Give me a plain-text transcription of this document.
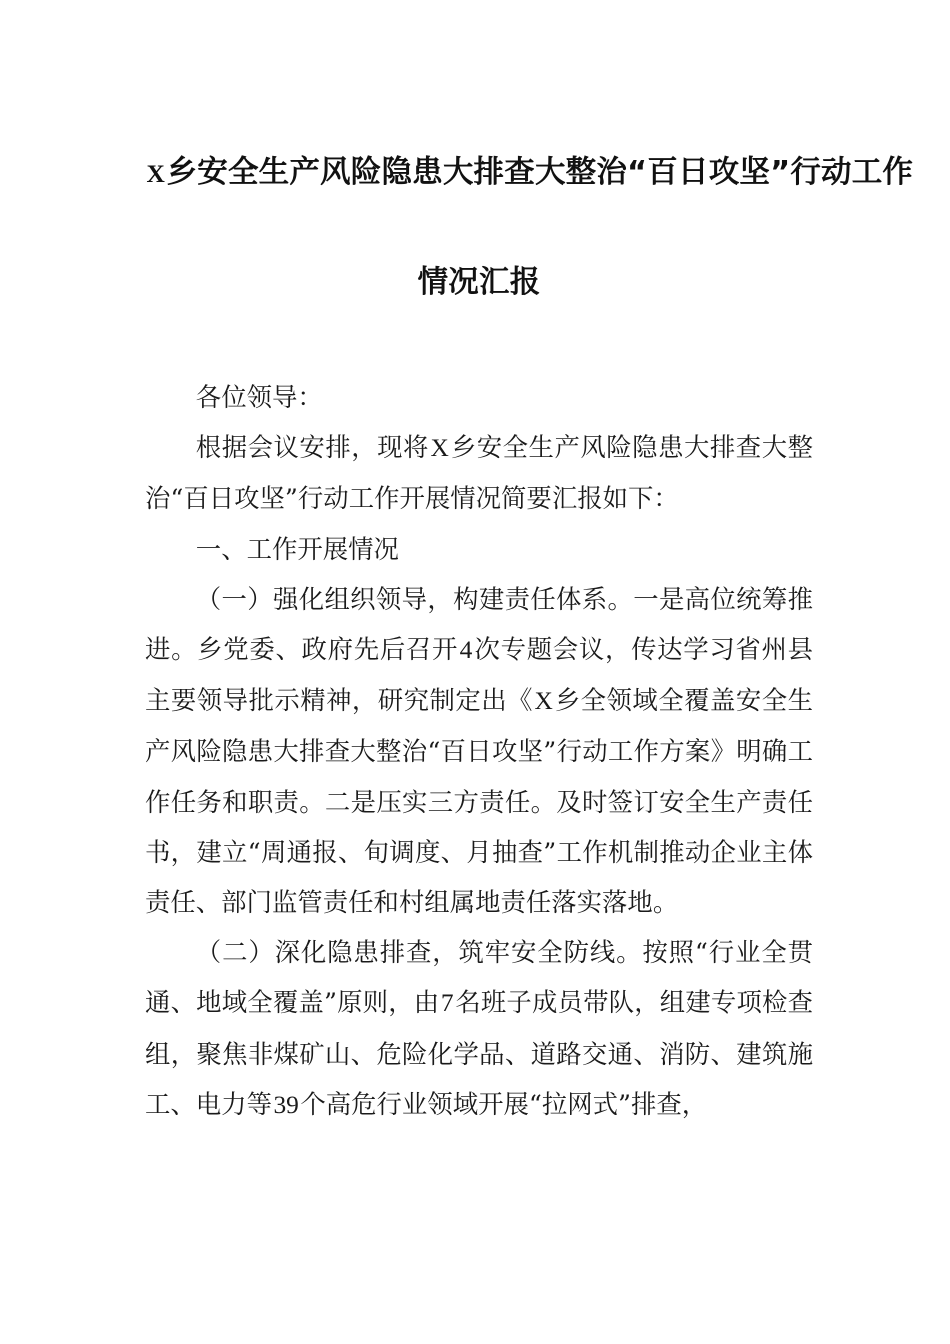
X乡安全生产风险隐患大排查大整治“百日攻坚”行动工作
情况汇报

各位领导：

根据会议安排，现将X乡安全生产风险隐患大排查大整治“百日攻坚”行动工作开展情况简要汇报如下：

一、工作开展情况

（一）强化组织领导，构建责任体系。一是高位统筹推进。乡党委、政府先后召开4次专题会议，传达学习省州县主要领导批示精神，研究制定出《X乡全领域全覆盖安全生产风险隐患大排查大整治“百日攻坚”行动工作方案》明确工作任务和职责。二是压实三方责任。及时签订安全生产责任书，建立“周通报、旬调度、月抽查”工作机制推动企业主体责任、部门监管责任和村组属地责任落实落地。

（二）深化隐患排查，筑牢安全防线。按照“行业全贯通、地域全覆盖”原则，由7名班子成员带队，组建专项检查组，聚焦非煤矿山、危险化学品、道路交通、消防、建筑施工、电力等39个高危行业领域开展“拉网式”排查，
